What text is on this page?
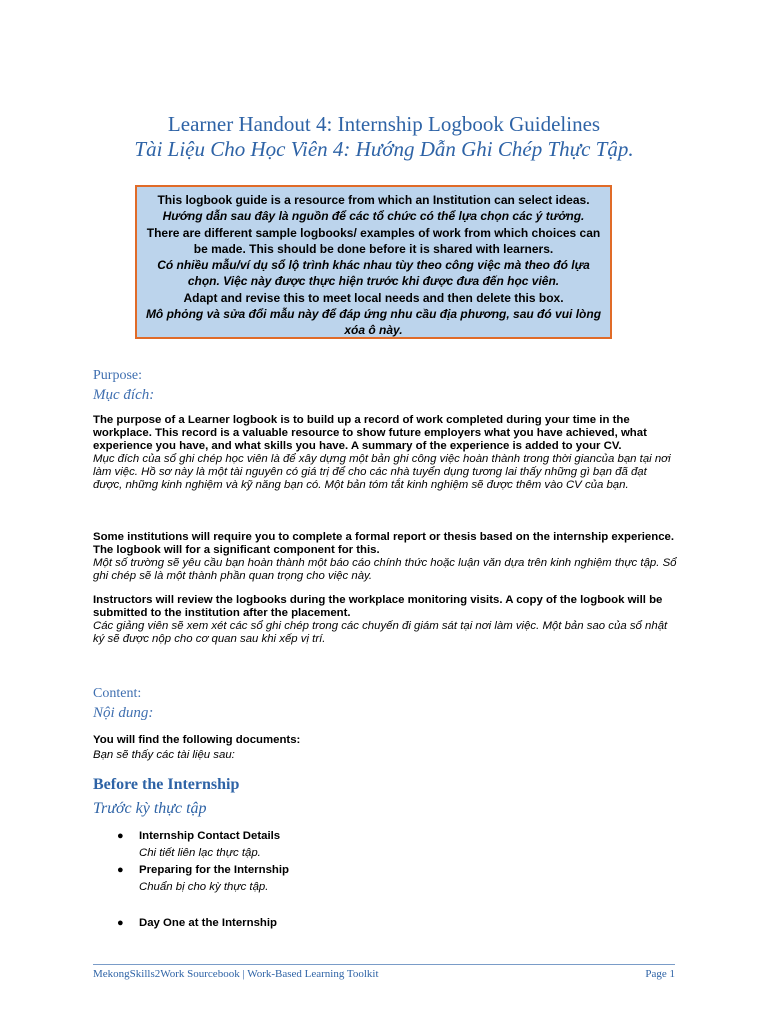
Learner Handout 4: Internship Logbook Guidelines
Tài Liệu Cho Học Viên 4: Hướng Dẫn Ghi Chép Thực Tập.
This logbook guide is a resource from which an Institution can select ideas.
Hướng dẫn sau đây là nguồn để các tổ chức có thể lựa chọn các ý tưởng.
There are different sample logbooks/ examples of work from which choices can be made. This should be done before it is shared with learners.
Có nhiều mẫu/ví dụ sổ lộ trình khác nhau tùy theo công việc mà theo đó lựa chọn. Việc này được thực hiện trước khi được đưa đến học viên.
Adapt and revise this to meet local needs and then delete this box.
Mô phỏng và sửa đổi mẫu này để đáp ứng nhu cầu địa phương, sau đó vui lòng xóa ô này.
Purpose:
Mục đích:
The purpose of a Learner logbook is to build up a record of work completed during your time in the workplace. This record is a valuable resource to show future employers what you have achieved, what experience you have, and what skills you have. A summary of the experience is added to your CV.
Mục đích của sổ ghi chép học viên là để xây dựng một bản ghi công việc hoàn thành trong thời giancủa bạn tại nơi làm việc. Hồ sơ này là một tài nguyên có giá trị để cho các nhà tuyển dụng tương lai thấy những gì bạn đã đạt được, những kinh nghiệm và kỹ năng bạn có. Một bản tóm tắt kinh nghiệm sẽ được thêm vào CV của bạn.
Some institutions will require you to complete a formal report or thesis based on the internship experience. The logbook will for a significant component for this.
Một số trường sẽ yêu cầu bạn hoàn thành một báo cáo chính thức hoặc luận văn dựa trên kinh nghiệm thực tập. Sổ ghi chép sẽ là một thành phần quan trọng cho việc này.
Instructors will review the logbooks during the workplace monitoring visits. A copy of the logbook will be submitted to the institution after the placement.
Các giảng viên sẽ xem xét các sổ ghi chép trong các chuyến đi giám sát tại nơi làm việc. Một bản sao của sổ nhật ký sẽ được nộp cho cơ quan sau khi xếp vị trí.
Content:
Nội dung:
You will find the following documents:
Bạn sẽ thấy các tài liệu sau:
Before the Internship
Trước kỳ thực tập
● Internship Contact Details
Chi tiết liên lạc thực tập.
● Preparing for the Internship
Chuẩn bị cho kỳ thực tập.
● Day One at the Internship
MekongSkills2Work Sourcebook | Work-Based Learning Toolkit	Page 1
